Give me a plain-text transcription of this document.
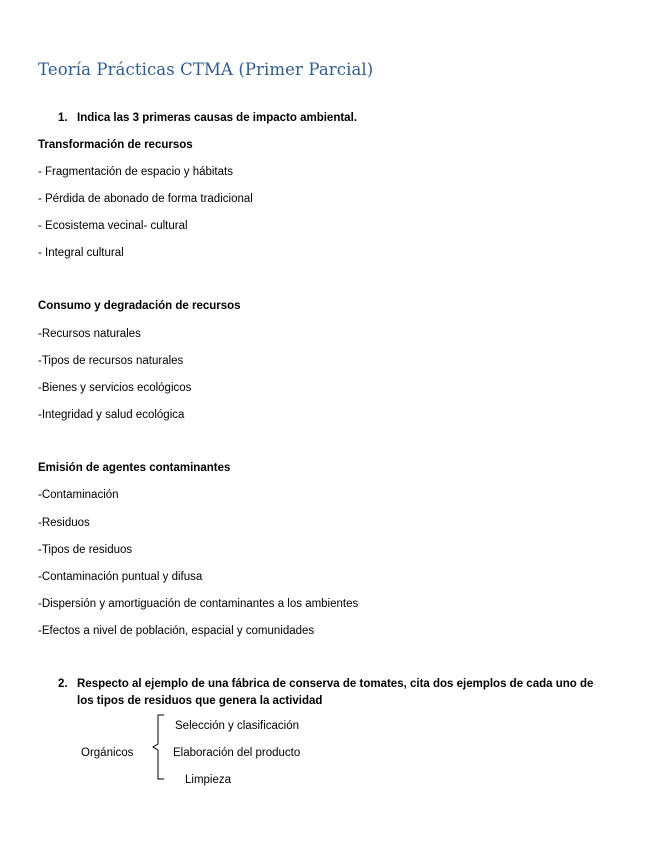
Teoría Prácticas CTMA (Primer Parcial)
1. Indica las 3 primeras causas de impacto ambiental.
Transformación de recursos
- Fragmentación de espacio y hábitats
- Pérdida de abonado de forma tradicional
- Ecosistema vecinal- cultural
- Integral cultural
Consumo y degradación de recursos
-Recursos naturales
-Tipos de recursos naturales
-Bienes y servicios ecológicos
-Integridad y salud ecológica
Emisión de agentes contaminantes
-Contaminación
-Residuos
-Tipos de residuos
-Contaminación puntual y difusa
-Dispersión y amortiguación de contaminantes a los ambientes
-Efectos a nivel de población, espacial y comunidades
2. Respecto al ejemplo de una fábrica de conserva de tomates, cita dos ejemplos de cada uno de
los tipos de residuos que genera la actividad
Orgánicos
Selección y clasificación
Elaboración del producto
Limpieza
